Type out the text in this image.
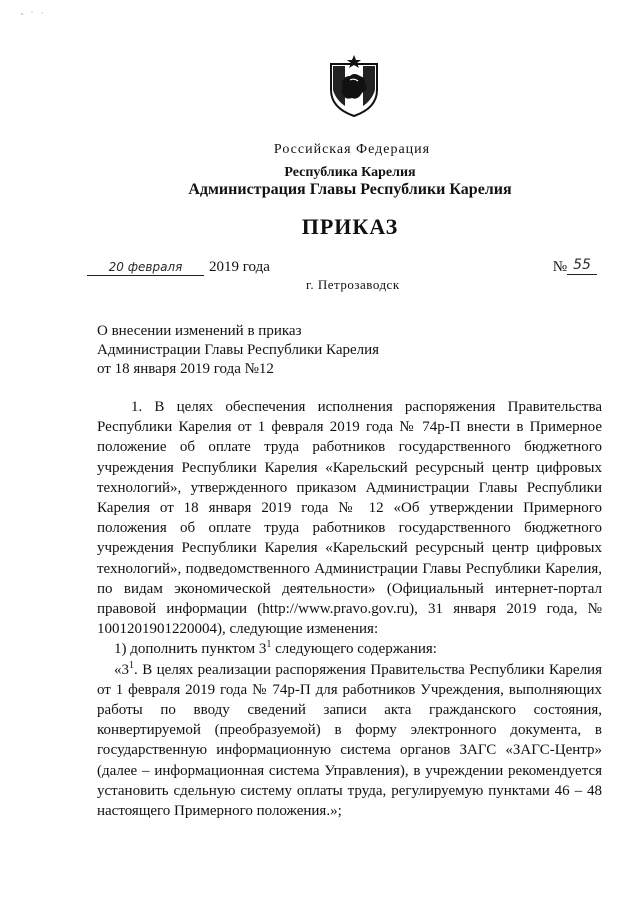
Российская Федерация

Республика Карелия

Администрация Главы Республики Карелия

ПРИКАЗ

20 февраля	2019 года	№ 55
г. Петрозаводск
О внесении изменений в приказ
Администрации Главы Республики Карелия
от 18 января 2019 года №12

1. В целях обеспечения исполнения распоряжения Правительства Республики Карелия от 1 февраля 2019 года № 74р-П внести в Примерное положение об оплате труда работников государственного бюджетного учреждения Республики Карелия «Карельский ресурсный центр цифровых технологий», утвержденного приказом Администрации Главы Республики Карелия от 18 января 2019 года № 12 «Об утверждении Примерного положения об оплате труда работников государственного бюджетного учреждения Республики Карелия «Карельский ресурсный центр цифровых технологий», подведомственного Администрации Главы Республики Карелия, по видам экономической деятельности» (Официальный интернет-портал правовой информации (http://www.pravo.gov.ru), 31 января 2019 года, № 1001201901220004), следующие изменения:

1) дополнить пунктом $3^1$ следующего содержания:

«$3^1$. В целях реализации распоряжения Правительства Республики Карелия от 1 февраля 2019 года № 74р-П для работников Учреждения, выполняющих работы по вводу сведений записи акта гражданского состояния, конвертируемой (преобразуемой) в форму электронного документа, в государственную информационную система органов ЗАГС «ЗАГС-Центр» (далее – информационная система Управления), в учреждении рекомендуется установить сдельную систему оплаты труда, регулируемую пунктами 46 – 48 настоящего Примерного положения.»;
